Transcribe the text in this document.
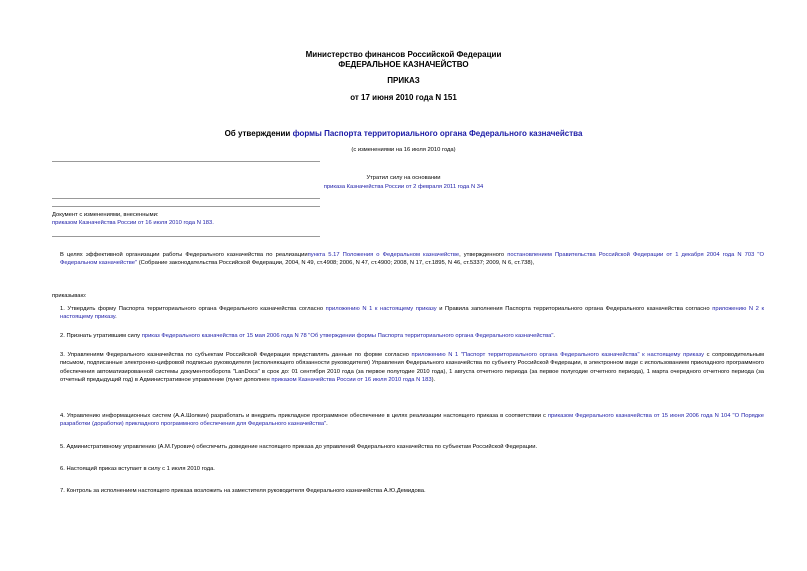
Министерство финансов Российской Федерации
ФЕДЕРАЛЬНОЕ КАЗНАЧЕЙСТВО
ПРИКАЗ
от 17 июня 2010 года N 151
Об утверждении формы Паспорта территориального органа Федерального казначейства
(с изменениями на 16 июля 2010 года)
Утратил силу на основании
приказа Казначейства России от 2 февраля 2011 года N 34
Документ с изменениями, внесенными:
приказом Казначейства России от 16 июля 2010 года N 183.
В целях эффективной организации работы Федерального казначейства по реализациипункта 5.17 Положения о Федеральном казначействе, утвержденного постановлением Правительства Российской Федерации от 1 декабря 2004 года N 703 "О Федеральном казначействе" (Собрание законодательства Российской Федерации, 2004, N 49, ст.4908; 2006, N 47, ст.4900; 2008, N 17, ст.1895, N 46, ст.5337; 2009, N 6, ст.738),
приказываю:
1. Утвердить форму Паспорта территориального органа Федерального казначейства согласно приложению N 1 к настоящему приказу и Правила заполнения Паспорта территориального органа Федерального казначейства согласно приложению N 2 к настоящему приказу.
2. Признать утратившим силу приказ Федерального казначейства от 15 мая 2006 года N 78 "Об утверждении формы Паспорта территориального органа Федерального казначейства".
3. Управлениям Федерального казначейства по субъектам Российской Федерации представлять данные по форме согласно приложению N 1 "Паспорт территориального органа Федерального казначейства" к настоящему приказу с сопроводительным письмом, подписанные электронно-цифровой подписью руководителя (исполняющего обязанности руководителя) Управления Федерального казначейства по субъекту Российской Федерации, в электронном виде с использованием прикладного программного обеспечения автоматизированной системы документооборота "LanDocs" в срок до: 01 сентября 2010 года (за первое полугодие 2010 года), 1 августа отчетного периода (за первое полугодие отчетного периода), 1 марта очередного отчетного периода (за отчетный предыдущий год) в Административное управление (пункт дополнен приказом Казначейства России от 16 июля 2010 года N 183).
4. Управлению информационных систем (А.А.Шолкин) разработать и внедрить прикладное программное обеспечение в целях реализации настоящего приказа в соответствии с приказом Федерального казначейства от 15 июня 2006 года N 104 "О Порядке разработки (доработки) прикладного программного обеспечения для Федерального казначейства".
5. Административному управлению (А.М.Гурович) обеспечить доведение настоящего приказа до управлений Федерального казначейства по субъектам Российской Федерации.
6. Настоящий приказ вступает в силу с 1 июля 2010 года.
7. Контроль за исполнением настоящего приказа возложить на заместителя руководителя Федерального казначейства А.Ю.Демидова.
